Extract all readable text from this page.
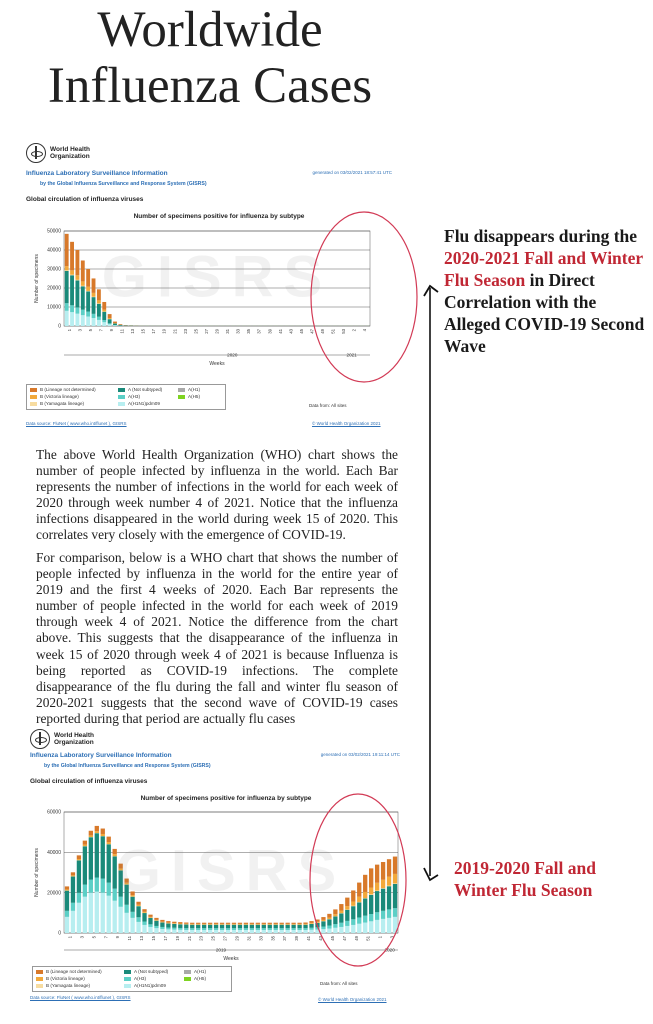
Worldwide
Influenza Cases
World Health
Organization
Influenza Laboratory Surveillance Information
by the Global Influenza Surveillance and Response System (GISRS)
generated on 03/02/2021 18:57:41 UTC
Global circulation of influenza viruses
Number of specimens positive for influenza by subtype
0
10000
20000
30000
40000
50000
Number of specimens GISRS
1 3 5 7 9 11 13 15 17 19 21 23 25 27 29 31 33 35 37 39 41 43 45 47 49 51 53 2 4
2020	2021
Weeks
B (Lineage not determined)	A (Not subtyped)	A(H1)
B (Victoria lineage)	A(H3)	A(H5)
B (Yamagata lineage)	A(H1N1)pdm09	Data from: All sites
Data source: FluNet ( www.who.int/flunet ), GISRS	© World Health Organization 2021
The above World Health Organization (WHO) chart shows the number of people infected by influenza in the world. Each Bar represents the number of infections in the world for each week of 2020 through week number 4 of 2021. Notice that the influenza infections disappeared in the world during week 15 of 2020. This correlates very closely with the emergence of COVID-19.
For comparison, below is a WHO chart that shows the number of people infected by influenza in the world for the entire year of 2019 and the first 4 weeks of 2020. Each Bar represents the number of people infected in the world for each week of 2019 through week 4 of 2021. Notice the difference from the chart above. This suggests that the disappearance of the influenza in week 15 of 2020 through week 4 of 2021 is because Influenza is being reported as COVID-19 infections. The complete disappearance of the flu during the fall and winter flu season of 2020-2021 suggests that the second wave of COVID-19 cases reported during that period are actually flu cases
World Health
Organization
Influenza Laboratory Surveillance Information
by the Global Influenza Surveillance and Response System (GISRS)
generated on 03/02/2021 19:11:14 UTC
Global circulation of influenza viruses
Number of specimens positive for influenza by subtype
0
20000
40000
60000
Number of specimens GISRS
1 3 5 7 9 11 13 15 17 19 21 23 25 27 29 31 33 35 37 39 41 43 45 47 49 51 1 3
2019	2020
Weeks
B (Lineage not determined)	A (Not subtyped)	A(H1)
B (Victoria lineage)	A(H3)	A(H5)
B (Yamagata lineage)	A(H1N1)pdm09	Data from: All sites
Data source: FluNet ( www.who.int/flunet ), GISRS	© World Health Organization 2021
Flu disappears during the 2020-2021 Fall and Winter Flu Season in Direct Correlation with the Alleged COVID-19 Second Wave
2019-2020 Fall and Winter Flu Season
